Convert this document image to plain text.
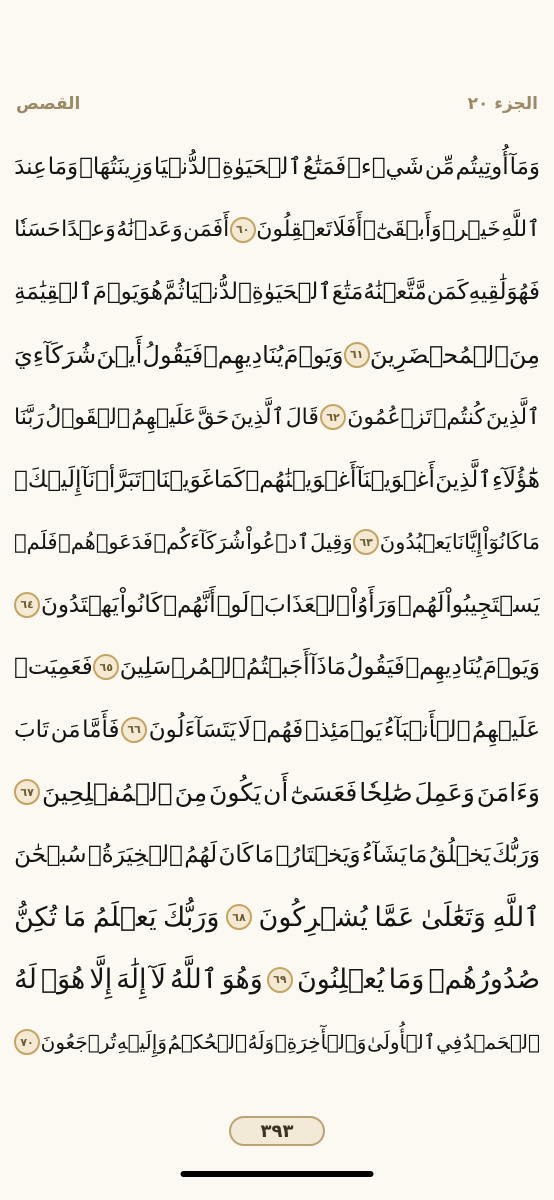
القصص	الجزء ٢٠
وَمَآ
أُوتِيتُم
مِّن
شَيۡءٖ
فَمَتَٰعُ
ٱلۡحَيَوٰةِ
ٱلدُّنۡيَا
وَزِينَتُهَاۚ
وَمَا
عِندَ
ٱللَّهِ
خَيۡرٞ
وَأَبۡقَىٰٓۚ
أَفَلَا
تَعۡقِلُونَ
٦٠
أَفَمَن
وَعَدۡنَٰهُ
وَعۡدًا
حَسَنٗا
فَهُوَ
لَٰقِيهِ
كَمَن
مَّتَّعۡنَٰهُ
مَتَٰعَ
ٱلۡحَيَوٰةِ
ٱلدُّنۡيَا
ثُمَّ
هُوَ
يَوۡمَ
ٱلۡقِيَٰمَةِ
مِنَ
ٱلۡمُحۡضَرِينَ
٦١
وَيَوۡمَ
يُنَادِيهِمۡ
فَيَقُولُ
أَيۡنَ
شُرَكَآءِيَ
ٱلَّذِينَ
كُنتُمۡ
تَزۡعُمُونَ
٦٢
قَالَ
ٱلَّذِينَ
حَقَّ
عَلَيۡهِمُ
ٱلۡقَوۡلُ
رَبَّنَا
هَٰٓؤُلَآءِ
ٱلَّذِينَ
أَغۡوَيۡنَآ
أَغۡوَيۡنَٰهُمۡ
كَمَا
غَوَيۡنَاۖ
تَبَرَّأۡنَآ
إِلَيۡكَۖ
مَا
كَانُوٓاْ
إِيَّانَا
يَعۡبُدُونَ
٦٣
وَقِيلَ
ٱدۡعُواْ
شُرَكَآءَكُمۡ
فَدَعَوۡهُمۡ
فَلَمۡ
يَسۡتَجِيبُواْ
لَهُمۡ
وَرَأَوُاْ
ٱلۡعَذَابَۚ
لَوۡ
أَنَّهُمۡ
كَانُواْ
يَهۡتَدُونَ
٦٤
وَيَوۡمَ
يُنَادِيهِمۡ
فَيَقُولُ
مَاذَآ
أَجَبۡتُمُ
ٱلۡمُرۡسَلِينَ
٦٥
فَعَمِيَتۡ
عَلَيۡهِمُ
ٱلۡأَنۢبَآءُ
يَوۡمَئِذٖ
فَهُمۡ
لَا
يَتَسَآءَلُونَ
٦٦
فَأَمَّا
مَن
تَابَ
وَءَامَنَ
وَعَمِلَ
صَٰلِحٗا
فَعَسَىٰٓ
أَن
يَكُونَ
مِنَ
ٱلۡمُفۡلِحِينَ
٦٧
وَرَبُّكَ
يَخۡلُقُ
مَا
يَشَآءُ
وَيَخۡتَارُۗ
مَا
كَانَ
لَهُمُ
ٱلۡخِيَرَةُۚ
سُبۡحَٰنَ
ٱللَّهِ
وَتَعَٰلَىٰ
عَمَّا
يُشۡرِكُونَ
٦٨
وَرَبُّكَ
يَعۡلَمُ
مَا
تُكِنُّ
صُدُورُهُمۡ
وَمَا
يُعۡلِنُونَ
٦٩
وَهُوَ
ٱللَّهُ
لَآ
إِلَٰهَ
إِلَّا
هُوَۖ
لَهُ
ٱلۡحَمۡدُ
فِي
ٱلۡأُولَىٰ
وَٱلۡأٓخِرَةِۖ
وَلَهُ
ٱلۡحُكۡمُ
وَإِلَيۡهِ
تُرۡجَعُونَ
٧٠
٣٩٣
